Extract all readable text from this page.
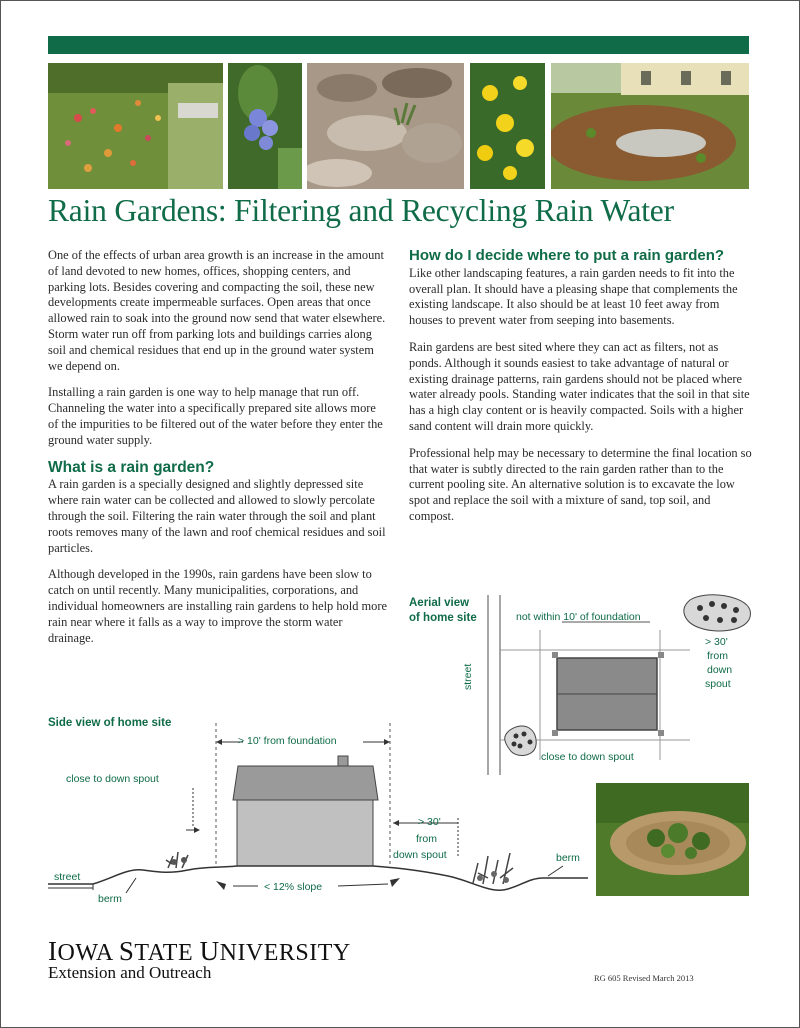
Rain Gardens: Filtering and Recycling Rain Water

One of the effects of urban area growth is an increase in the amount of land devoted to new homes, offices, shopping centers, and parking lots. Besides covering and compacting the soil, these new developments create impermeable surfaces. Open areas that once allowed rain to soak into the ground now send that water elsewhere. Storm water run off from parking lots and buildings carries along soil and chemical residues that end up in the ground water system we depend on.

Installing a rain garden is one way to help manage that run off. Channeling the water into a specifically prepared site allows more of the impurities to be filtered out of the water before they enter the ground water supply.

What is a rain garden?

A rain garden is a specially designed and slightly depressed site where rain water can be collected and allowed to slowly percolate through the soil. Filtering the rain water through the soil and plant roots removes many of the lawn and roof chemical residues and soil particles.

Although developed in the 1990s, rain gardens have been slow to catch on until recently. Many municipalities, corporations, and individual homeowners are installing rain gardens to help hold more rain near where it falls as a way to improve the storm water drainage.

How do I decide where to put a rain garden?

Like other landscaping features, a rain garden needs to fit into the overall plan. It should have a pleasing shape that complements the existing landscape. It also should be at least 10 feet away from houses to prevent water from seeping into basements.

Rain gardens are best sited where they can act as filters, not as ponds. Although it sounds easiest to take advantage of natural or existing drainage patterns, rain gardens should not be placed where water already pools. Standing water indicates that the soil in that site has a high clay content or is heavily compacted. Soils with a higher sand content will drain more quickly.

Professional help may be necessary to determine the final location so that water is subtly directed to the rain garden rather than to the current pooling site. An alternative solution is to excavate the low spot and replace the soil with a mixture of sand, top soil, and compost.

Aerial view
of home site	not within 10' of foundation
> 30'
from
down
spout
street
close to down spout
Side view of home site
> 10' from foundation
close to down spout
> 30'
from
down spout
street
berm
berm
< 12% slope
IOWA STATE UNIVERSITY
Extension and Outreach	RG 605 Revised March 2013
